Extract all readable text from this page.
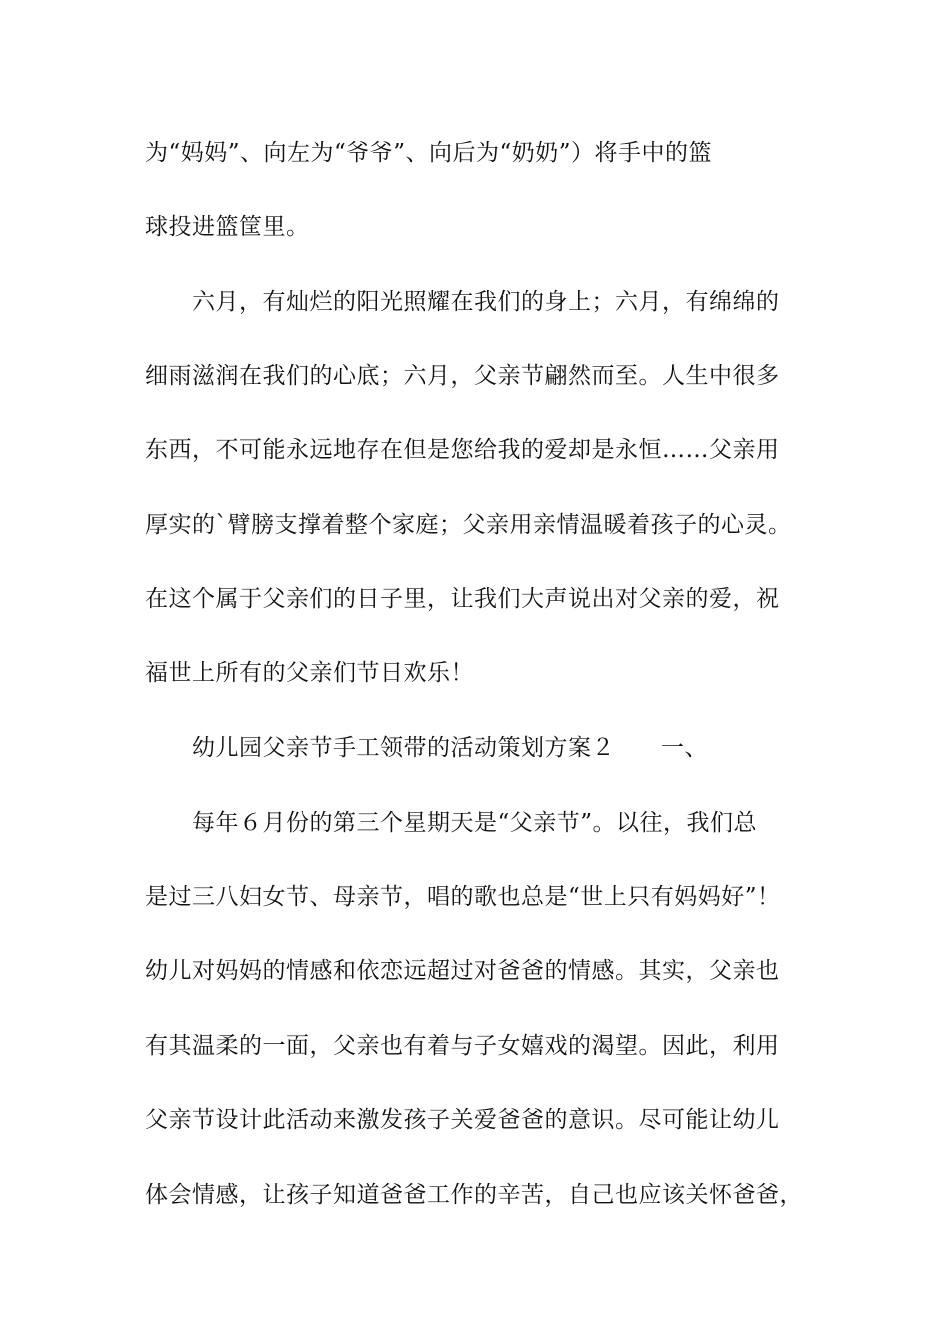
为“妈妈”、向左为“爷爷”、向后为“奶奶”）将手中的篮
球投进篮筐里。
六月，有灿烂的阳光照耀在我们的身上；六月，有绵绵的
细雨滋润在我们的心底；六月，父亲节翩然而至。人生中很多
东西，不可能永远地存在但是您给我的爱却是永恒……父亲用
厚实的`臂膀支撑着整个家庭；父亲用亲情温暖着孩子的心灵。
在这个属于父亲们的日子里，让我们大声说出对父亲的爱，祝
福世上所有的父亲们节日欢乐！
幼儿园父亲节手工领带的活动策划方案２ 一、
每年６月份的第三个星期天是“父亲节”。以往，我们总
是过三八妇女节、母亲节，唱的歌也总是“世上只有妈妈好”！
幼儿对妈妈的情感和依恋远超过对爸爸的情感。其实，父亲也
有其温柔的一面，父亲也有着与子女嬉戏的渴望。因此，利用
父亲节设计此活动来激发孩子关爱爸爸的意识。尽可能让幼儿
体会情感，让孩子知道爸爸工作的辛苦，自己也应该关怀爸爸，
